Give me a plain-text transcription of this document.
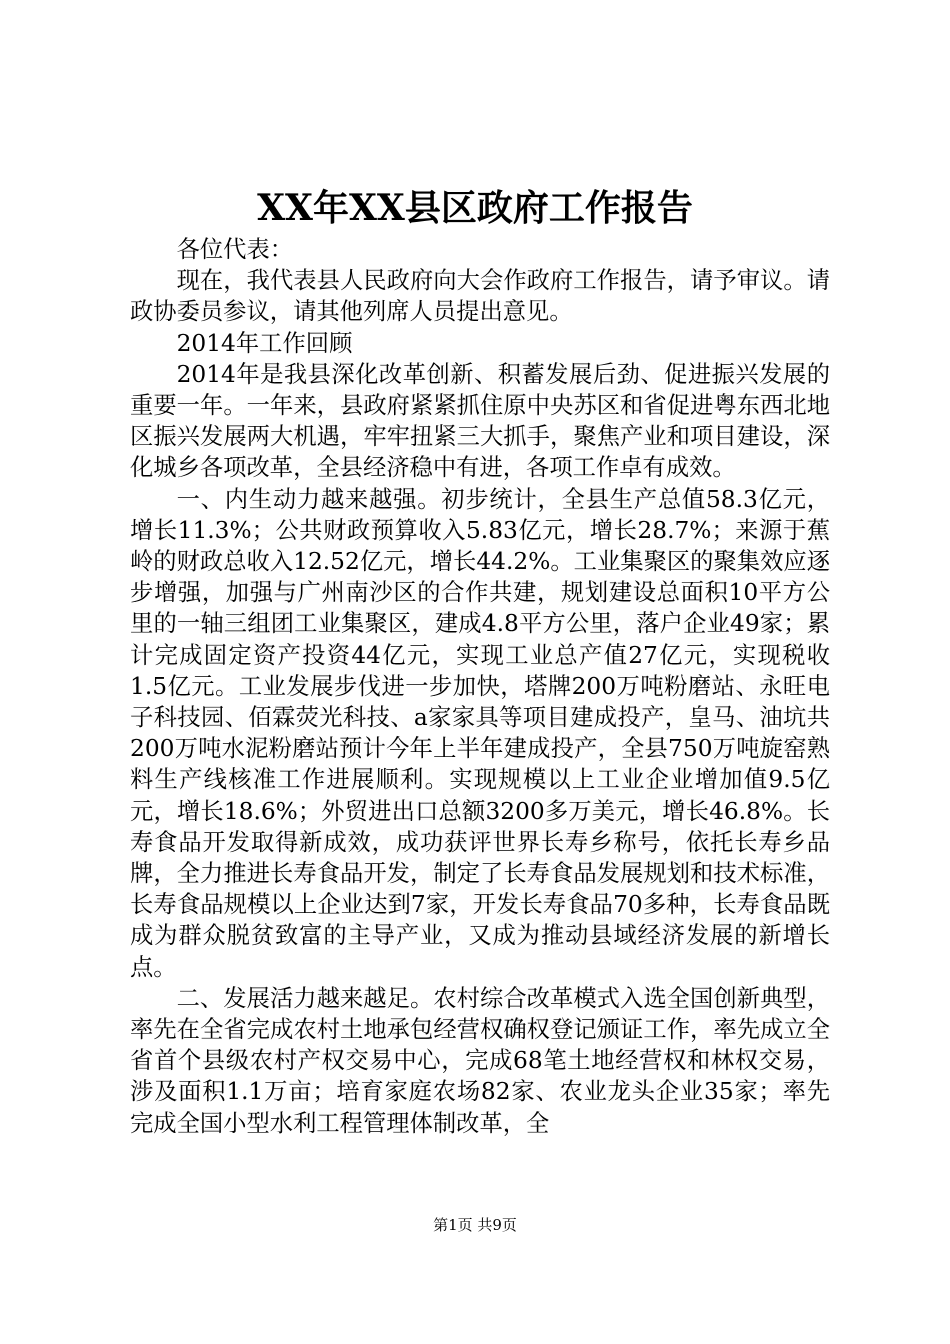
XX年XX县区政府工作报告

各位代表：

现在，我代表县人民政府向大会作政府工作报告，请予审议。请政协委员参议，请其他列席人员提出意见。

2014年工作回顾

2014年是我县深化改革创新、积蓄发展后劲、促进振兴发展的重要一年。一年来，县政府紧紧抓住原中央苏区和省促进粤东西北地区振兴发展两大机遇，牢牢扭紧三大抓手，聚焦产业和项目建设，深化城乡各项改革，全县经济稳中有进，各项工作卓有成效。

一、内生动力越来越强。初步统计，全县生产总值58.3亿元，增长11.3%；公共财政预算收入5.83亿元，增长28.7%；来源于蕉岭的财政总收入12.52亿元，增长44.2%。工业集聚区的聚集效应逐步增强，加强与广州南沙区的合作共建，规划建设总面积10平方公里的一轴三组团工业集聚区，建成4.8平方公里，落户企业49家；累计完成固定资产投资44亿元，实现工业总产值27亿元，实现税收1.5亿元。工业发展步伐进一步加快，塔牌200万吨粉磨站、永旺电子科技园、佰霖荧光科技、a家家具等项目建成投产，皇马、油坑共200万吨水泥粉磨站预计今年上半年建成投产，全县750万吨旋窑熟料生产线核准工作进展顺利。实现规模以上工业企业增加值9.5亿元，增长18.6%；外贸进出口总额3200多万美元，增长46.8%。长寿食品开发取得新成效，成功获评世界长寿乡称号，依托长寿乡品牌，全力推进长寿食品开发，制定了长寿食品发展规划和技术标准，长寿食品规模以上企业达到7家，开发长寿食品70多种，长寿食品既成为群众脱贫致富的主导产业，又成为推动县域经济发展的新增长点。

二、发展活力越来越足。农村综合改革模式入选全国创新典型，率先在全省完成农村土地承包经营权确权登记颁证工作，率先成立全省首个县级农村产权交易中心，完成68笔土地经营权和林权交易，涉及面积1.1万亩；培育家庭农场82家、农业龙头企业35家；率先完成全国小型水利工程管理体制改革，全

第1页 共9页
